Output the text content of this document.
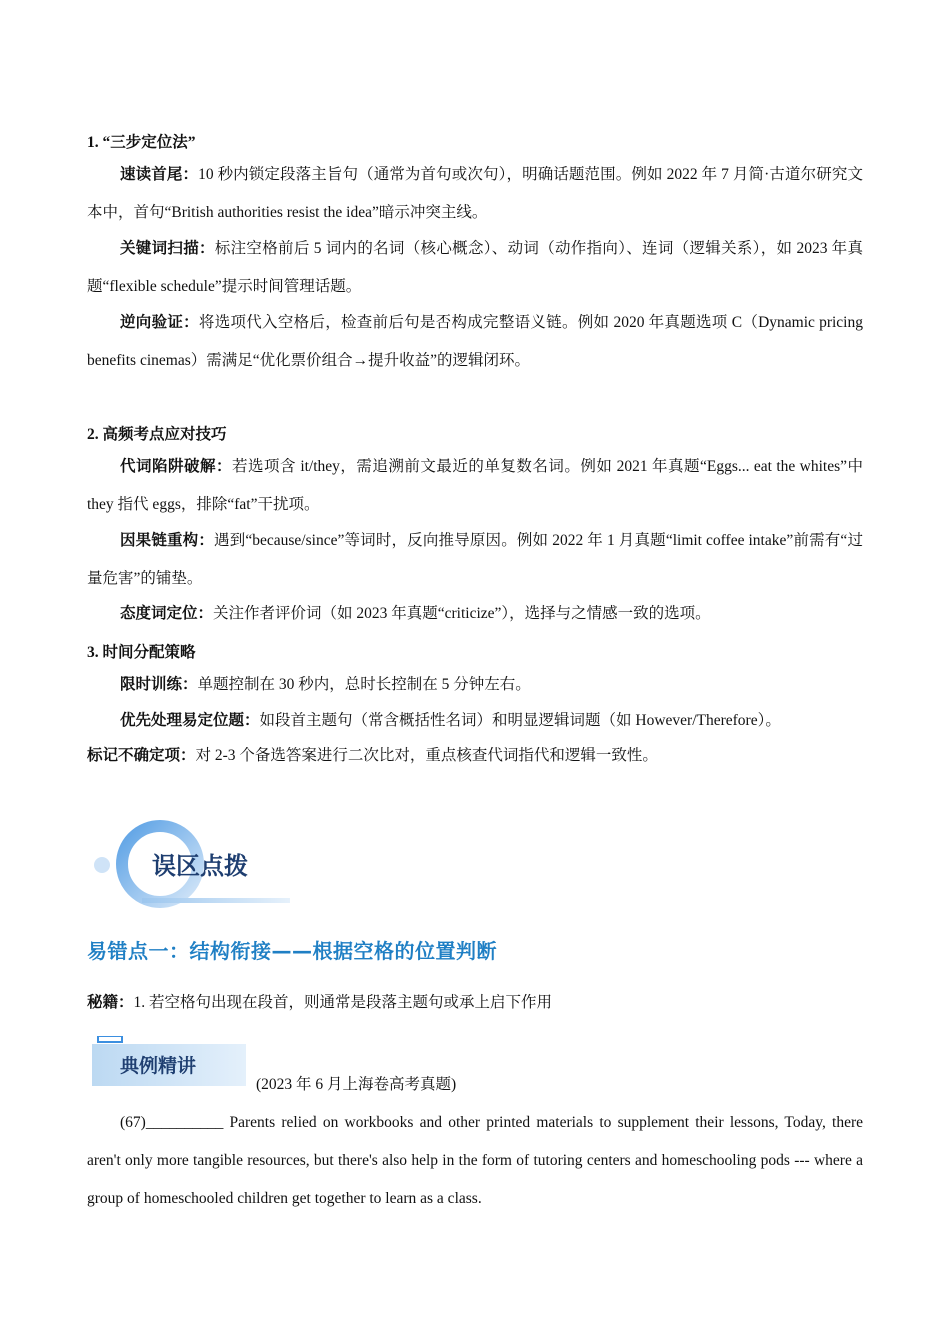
1. “三步定位法”
速读首尾：10 秒内锁定段落主旨句（通常为首句或次句），明确话题范围。例如 2022 年 7 月简·古道尔研究文本中，首句“British authorities resist the idea”暗示冲突主线。
关键词扫描：标注空格前后 5 词内的名词（核心概念）、动词（动作指向）、连词（逻辑关系），如 2023 年真题“flexible schedule”提示时间管理话题。
逆向验证：将选项代入空格后，检查前后句是否构成完整语义链。例如 2020 年真题选项 C（Dynamic pricing benefits cinemas）需满足“优化票价组合→提升收益”的逻辑闭环。
2. 高频考点应对技巧
代词陷阱破解：若选项含 it/they，需追溯前文最近的单复数名词。例如 2021 年真题“Eggs... eat the whites”中 they 指代 eggs，排除“fat”干扰项。
因果链重构：遇到“because/since”等词时，反向推导原因。例如 2022 年 1 月真题“limit coffee intake”前需有“过量危害”的铺垫。
态度词定位：关注作者评价词（如 2023 年真题“criticize”），选择与之情感一致的选项。
3. 时间分配策略
限时训练：单题控制在 30 秒内，总时长控制在 5 分钟左右。
优先处理易定位题：如段首主题句（常含概括性名词）和明显逻辑词题（如 However/Therefore）。
标记不确定项：对 2-3 个备选答案进行二次比对，重点核查代词指代和逻辑一致性。
误区点拨
易错点一：结构衔接——根据空格的位置判断
秘籍：1. 若空格句出现在段首，则通常是段落主题句或承上启下作用
典例精讲
(2023 年 6 月上海卷高考真题)
(67)__________ Parents relied on workbooks and other printed materials to supplement their lessons, Today, there aren't only more tangible resources, but there's also help in the form of tutoring centers and homeschooling pods --- where a group of homeschooled children get together to learn as a class.
